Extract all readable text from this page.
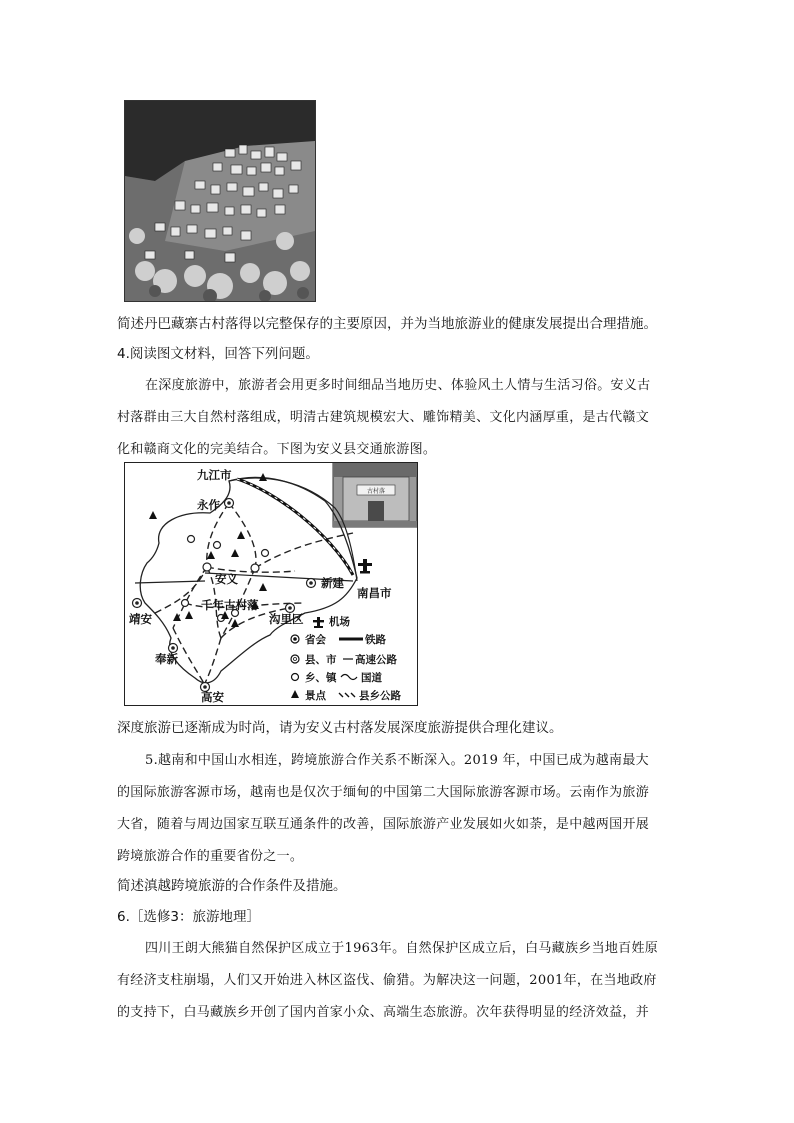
简述丹巴藏寨古村落得以完整保存的主要原因，并为当地旅游业的健康发展提出合理措施。
4.阅读图文材料，回答下列问题。
在深度旅游中，旅游者会用更多时间细品当地历史、体验风土人情与生活习俗。安义古
村落群由三大自然村落组成，明清古建筑规模宏大、雕饰精美、文化内涵厚重，是古代赣文
化和赣商文化的完美结合。下图为安义县交通旅游图。
古村落
九江市
永作
安义	新建
南昌市
靖安
千年古村落
沟里区
奉新
高安
机场
铁路
省会
县、市 高速公路
乡、镇 国道
景点	县乡公路
深度旅游已逐渐成为时尚，请为安义古村落发展深度旅游提供合理化建议。
5.越南和中国山水相连，跨境旅游合作关系不断深入。2019 年，中国已成为越南最大
的国际旅游客源市场，越南也是仅次于缅甸的中国第二大国际旅游客源市场。云南作为旅游
大省，随着与周边国家互联互通条件的改善，国际旅游产业发展如火如荼，是中越两国开展
跨境旅游合作的重要省份之一。
简述滇越跨境旅游的合作条件及措施。
6.［选修3：旅游地理］
四川王朗大熊猫自然保护区成立于1963年。自然保护区成立后，白马藏族乡当地百姓原
有经济支柱崩塌，人们又开始进入林区盗伐、偷猎。为解决这一问题，2001年，在当地政府
的支持下，白马藏族乡开创了国内首家小众、高端生态旅游。次年获得明显的经济效益，并
